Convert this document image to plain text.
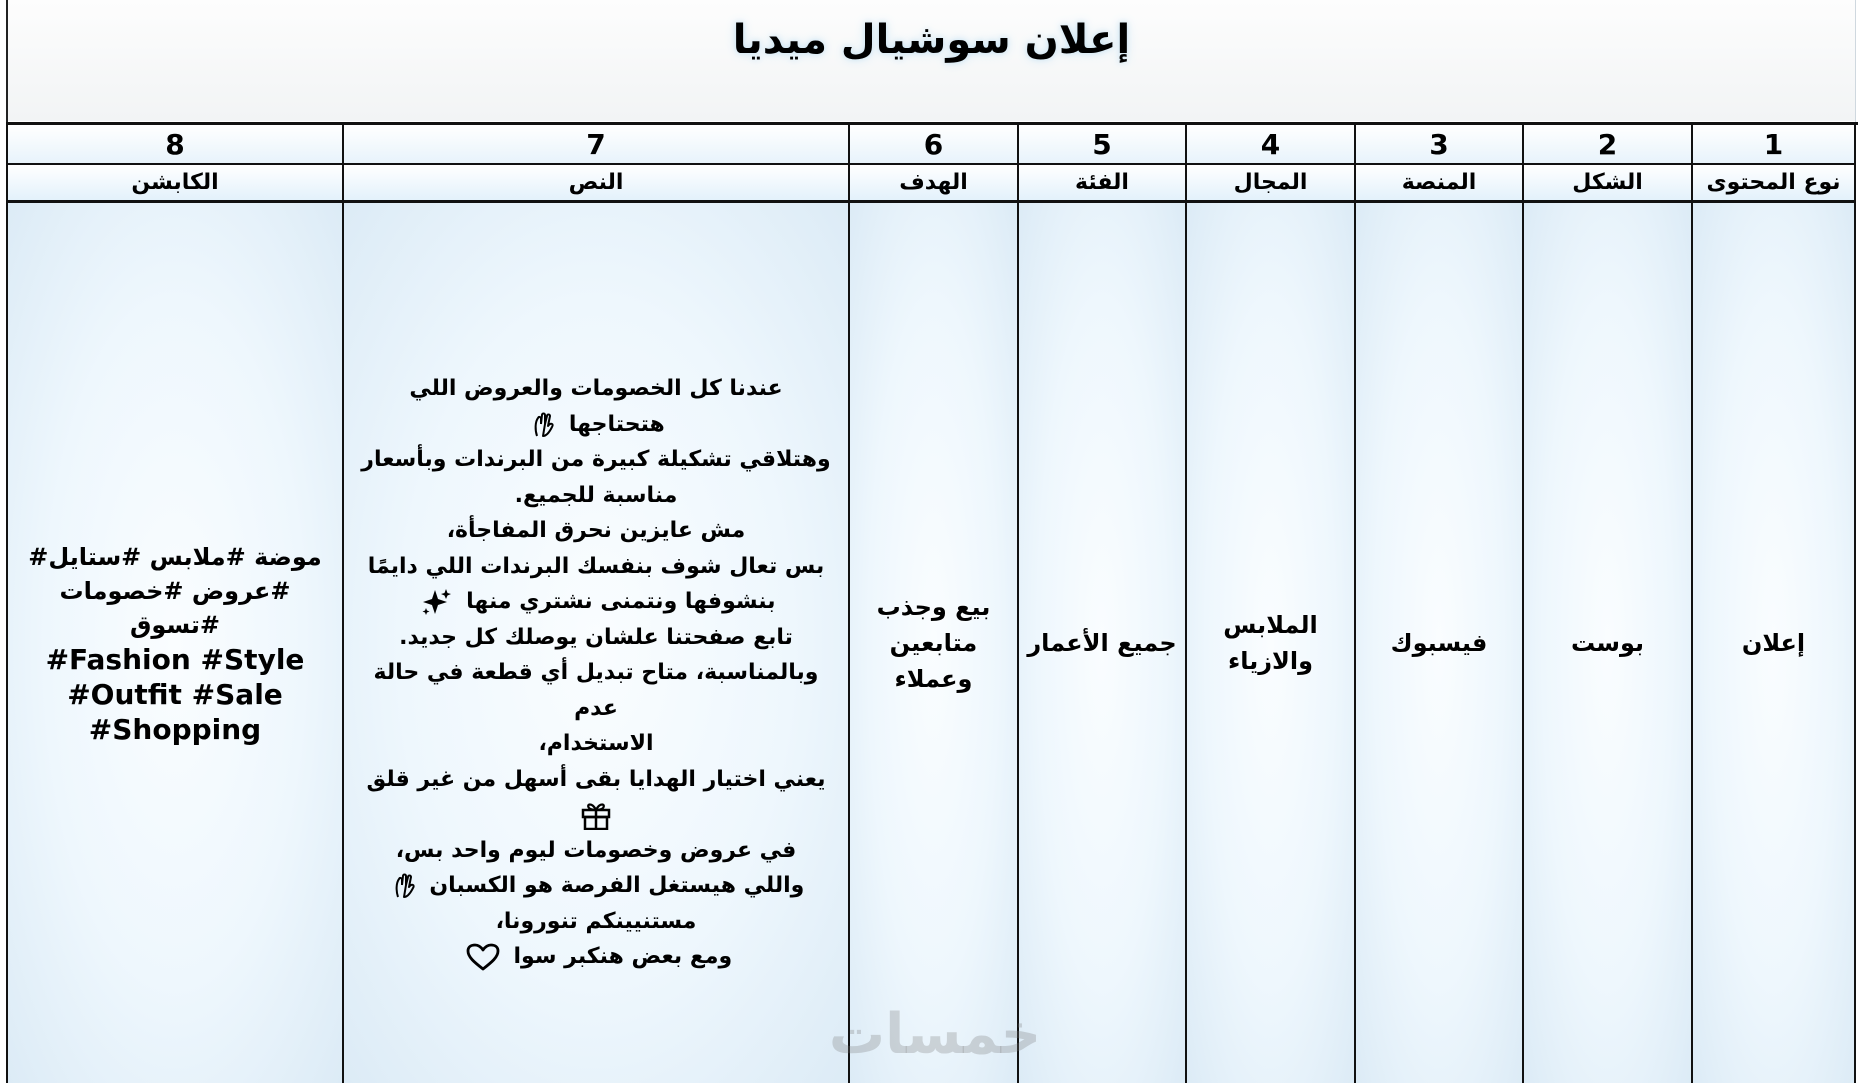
إعلان سوشيال ميديا
8
الكابشن
موضة #ملابس #ستايل#
#عروض #خصومات
#تسوق
#Fashion #Style
#Outfit #Sale
#Shopping
7
النص
عندنا كل الخصومات والعروض اللي
هتحتاجها
وهتلاقي تشكيلة كبيرة من البرندات وبأسعار
مناسبة للجميع.
مش عايزين نحرق المفاجأة،
بس تعال شوف بنفسك البرندات اللي دايمًا
بنشوفها ونتمنى نشتري منها
تابع صفحتنا علشان يوصلك كل جديد.
وبالمناسبة، متاح تبديل أي قطعة في حالة عدم
الاستخدام،
يعني اختيار الهدايا بقى أسهل من غير قلق
في عروض وخصومات ليوم واحد بس،
واللي هيستغل الفرصة هو الكسبان
مستنيينكم تنورونا،
ومع بعض هنكبر سوا
6
الهدف
بيع وجذب
متابعين
وعملاء
5
الفئة
جميع الأعمار
4
المجال
الملابس
والازياء
3
المنصة
فيسبوك
2
الشكل
بوست
1
نوع المحتوى
إعلان
خمسات
